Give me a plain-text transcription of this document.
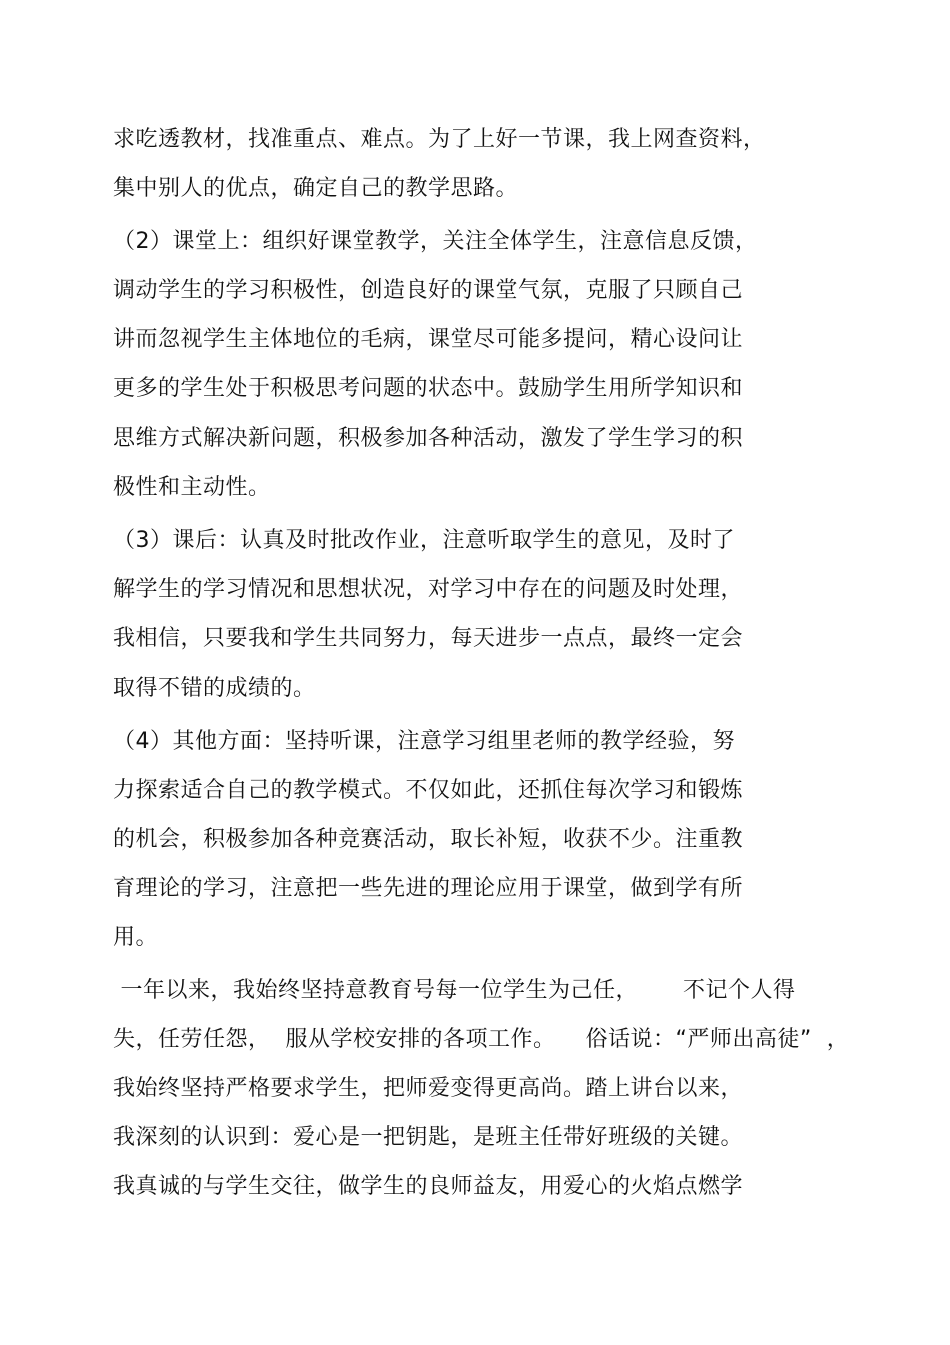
求吃透教材，找准重点、难点。为了上好一节课，我上网查资料，
集中别人的优点，确定自己的教学思路。
（2）课堂上：组织好课堂教学，关注全体学生，注意信息反馈，
调动学生的学习积极性，创造良好的课堂气氛，克服了只顾自己
讲而忽视学生主体地位的毛病，课堂尽可能多提问，精心设问让
更多的学生处于积极思考问题的状态中。鼓励学生用所学知识和
思维方式解决新问题，积极参加各种活动，激发了学生学习的积
极性和主动性。
（3）课后：认真及时批改作业，注意听取学生的意见，及时了
解学生的学习情况和思想状况，对学习中存在的问题及时处理，
我相信，只要我和学生共同努力，每天进步一点点，最终一定会
取得不错的成绩的。
（4）其他方面：坚持听课，注意学习组里老师的教学经验，努
力探索适合自己的教学模式。不仅如此，还抓住每次学习和锻炼
的机会，积极参加各种竞赛活动，取长补短，收获不少。注重教
育理论的学习，注意把一些先进的理论应用于课堂，做到学有所
用。
一年以来，我始终坚持意教育号每一位学生为己任，      不记个人得
失，任劳任怨，  服从学校安排的各项工作。    俗话说：“严师出高徒”  ，
我始终坚持严格要求学生，把师爱变得更高尚。踏上讲台以来，
我深刻的认识到：爱心是一把钥匙，是班主任带好班级的关键。
我真诚的与学生交往，做学生的良师益友，用爱心的火焰点燃学
